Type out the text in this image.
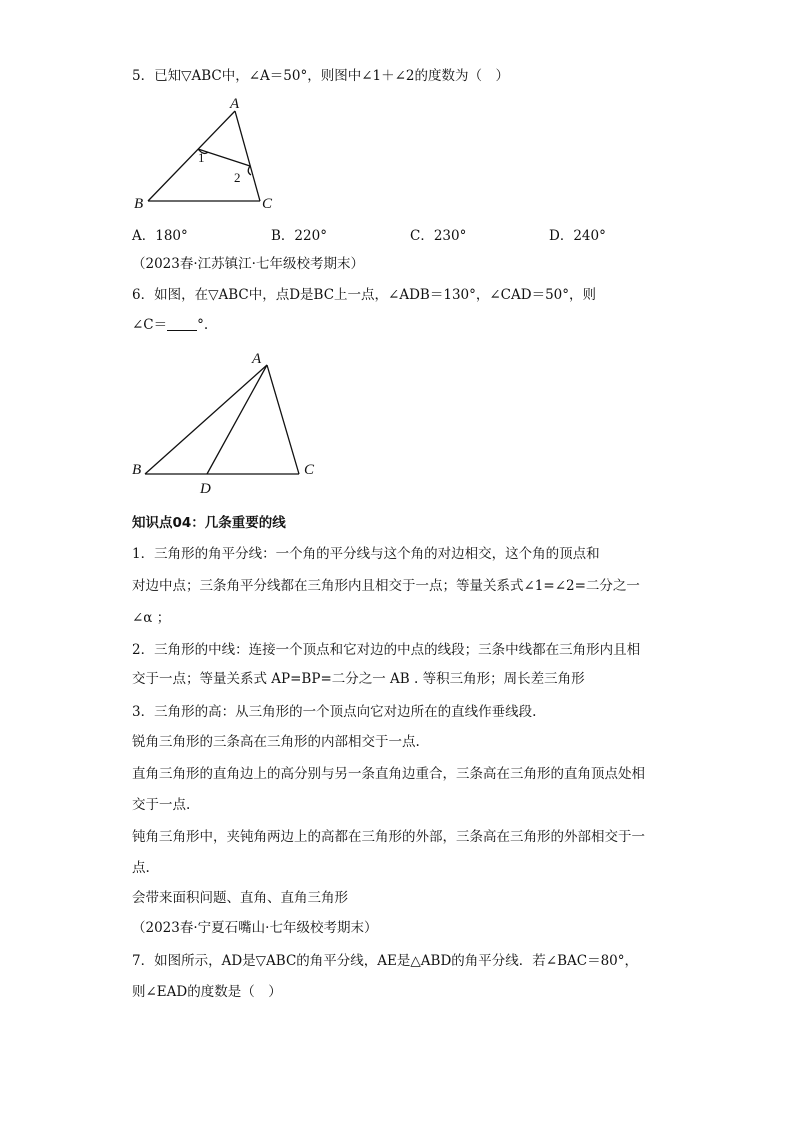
5．已知▽ABC中，∠A＝50°，则图中∠1＋∠2的度数为（　）
A
B	C
1
2
A
B	C
D
A．180°	B．220°	C．230°	D．240°
（2023春·江苏镇江·七年级校考期末）
6．如图，在▽ABC中，点D是BC上一点，∠ADB＝130°，∠CAD＝50°，则
∠C＝ °.
知识点04：几条重要的线
1．三角形的角平分线：一个角的平分线与这个角的对边相交，这个角的顶点和
对边中点；三条角平分线都在三角形内且相交于一点；等量关系式∠1=∠2=二分之一
∠α ；
2．三角形的中线：连接一个顶点和它对边的中点的线段；三条中线都在三角形内且相
交于一点；等量关系式 AP=BP=二分之一 AB . 等积三角形；周长差三角形
3．三角形的高：从三角形的一个顶点向它对边所在的直线作垂线段.
锐角三角形的三条高在三角形的内部相交于一点.
直角三角形的直角边上的高分别与另一条直角边重合，三条高在三角形的直角顶点处相
交于一点.
钝角三角形中，夹钝角两边上的高都在三角形的外部，三条高在三角形的外部相交于一
点.
会带来面积问题、直角、直角三角形
（2023春·宁夏石嘴山·七年级校考期末）
7．如图所示，AD是▽ABC的角平分线，AE是△ABD的角平分线．若∠BAC＝80°，
则∠EAD的度数是（　）
